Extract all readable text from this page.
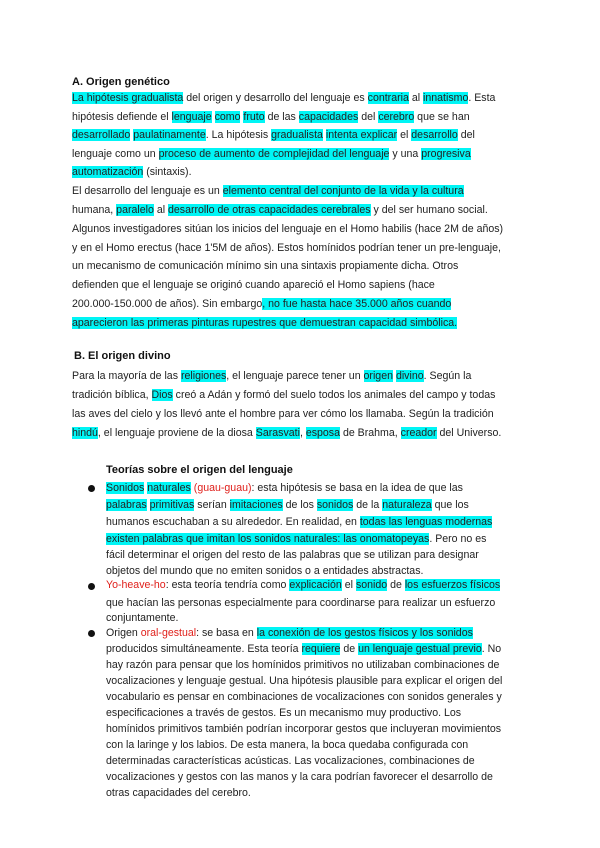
A. Origen genético
La hipótesis gradualista del origen y desarrollo del lenguaje es contraria al innatismo. Esta
hipótesis defiende el lenguaje como fruto de las capacidades del cerebro que se han
desarrollado paulatinamente. La hipótesis gradualista intenta explicar el desarrollo del
lenguaje como un proceso de aumento de complejidad del lenguaje y una progresiva
automatización (sintaxis).
El desarrollo del lenguaje es un elemento central del conjunto de la vida y la cultura
humana, paralelo al desarrollo de otras capacidades cerebrales y del ser humano social.
Algunos investigadores sitúan los inicios del lenguaje en el Homo habilis (hace 2M de años)
y en el Homo erectus (hace 1'5M de años). Estos homínidos podrían tener un pre-lenguaje,
un mecanismo de comunicación mínimo sin una sintaxis propiamente dicha. Otros
defienden que el lenguaje se originó cuando apareció el Homo sapiens (hace
200.000-150.000 de años). Sin embargo, no fue hasta hace 35.000 años cuando
aparecieron las primeras pinturas rupestres que demuestran capacidad simbólica.
B. El origen divino
Para la mayoría de las religiones, el lenguaje parece tener un origen divino. Según la
tradición bíblica, Dios creó a Adán y formó del suelo todos los animales del campo y todas
las aves del cielo y los llevó ante el hombre para ver cómo los llamaba. Según la tradición
hindú, el lenguaje proviene de la diosa Sarasvati, esposa de Brahma, creador del Universo.
Teorías sobre el origen del lenguaje
Sonidos naturales (guau-guau): esta hipótesis se basa en la idea de que las
palabras primitivas serían imitaciones de los sonidos de la naturaleza que los
humanos escuchaban a su alrededor. En realidad, en todas las lenguas modernas
existen palabras que imitan los sonidos naturales: las onomatopeyas. Pero no es
fácil determinar el origen del resto de las palabras que se utilizan para designar
objetos del mundo que no emiten sonidos o a entidades abstractas.
Yo-heave-ho: esta teoría tendría como explicación el sonido de los esfuerzos físicos
que hacían las personas especialmente para coordinarse para realizar un esfuerzo
conjuntamente.
Origen oral-gestual: se basa en la conexión de los gestos físicos y los sonidos
producidos simultáneamente. Esta teoría requiere de un lenguaje gestual previo. No
hay razón para pensar que los homínidos primitivos no utilizaban combinaciones de
vocalizaciones y lenguaje gestual. Una hipótesis plausible para explicar el origen del
vocabulario es pensar en combinaciones de vocalizaciones con sonidos generales y
especificaciones a través de gestos. Es un mecanismo muy productivo. Los
homínidos primitivos también podrían incorporar gestos que incluyeran movimientos
con la laringe y los labios. De esta manera, la boca quedaba configurada con
determinadas características acústicas. Las vocalizaciones, combinaciones de
vocalizaciones y gestos con las manos y la cara podrían favorecer el desarrollo de
otras capacidades del cerebro.
